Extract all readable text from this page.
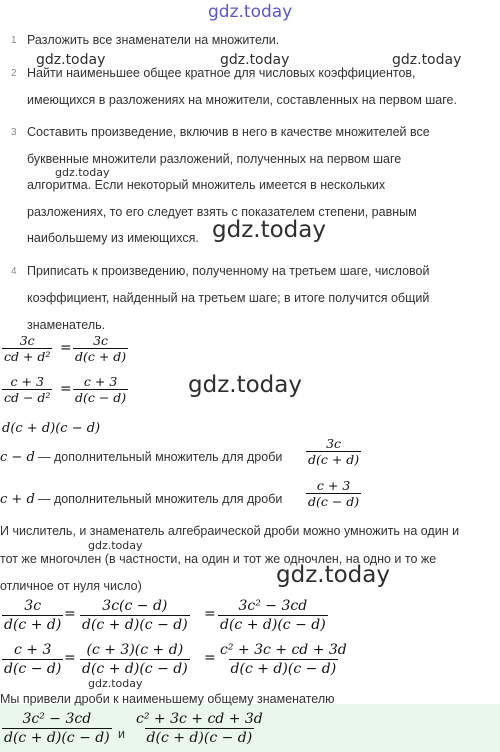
gdz.today
1 Разложить все знаменатели на множители.
2 Найти наименьшее общее кратное для числовых коэффициентов,
имеющихся в разложениях на множители, составленных на первом шаге.
3 Составить произведение, включив в него в качестве множителей все
буквенные множители разложений, полученных на первом шаге
алгоритма. Если некоторый множитель имеется в нескольких
разложениях, то его следует взять с показателем степени, равным
наибольшему из имеющихся.
4 Приписать к произведению, полученному на третьем шаге, числовой
коэффициент, найденный на третьем шаге; в итоге получится общий
знаменатель.
$\frac{3c}{\text{cd + d²}} = \frac{3c}{d(c + d)}$
$\frac{c + 3}{\text{cd − d²}} = \frac{c + 3}{d(c - d)}$
d(c + d)(c − d)
c − d — дополнительный множитель для дроби $\frac{3c}{d(c + d)}$
c + d — дополнительный множитель для дроби $\frac{c + 3}{d(c - d)}$
И числитель, и знаменатель алгебраической дроби можно умножить на один и
тот же многочлен (в частности, на один и тот же одночлен, на одно и то же
отличное от нуля число)
$\frac{3c}{d(c + d)} = \frac{3c(c - d)}{d(c + d)(c - d)} = \frac{\text{3c² − 3cd}}{d(c + d)(c - d)}$
$\frac{c + 3}{d(c - d)} = \frac{(c + 3)(c + d)}{d(c + d)(c - d)} = \frac{\text{c² + 3c + cd + 3d}}{d(c + d)(c - d)}$
Мы привели дроби к наименьшему общему знаменателю
$\frac{\text{3c² − 3cd}}{d(c + d)(c - d)}$ и $\frac{\text{c² + 3c + cd + 3d}}{d(c + d)(c - d)}$
gdz.today	gdz.today	gdz.today
gdz.today
gdz.today
gdz.today
gdz.today
gdz.today
gdz.today
